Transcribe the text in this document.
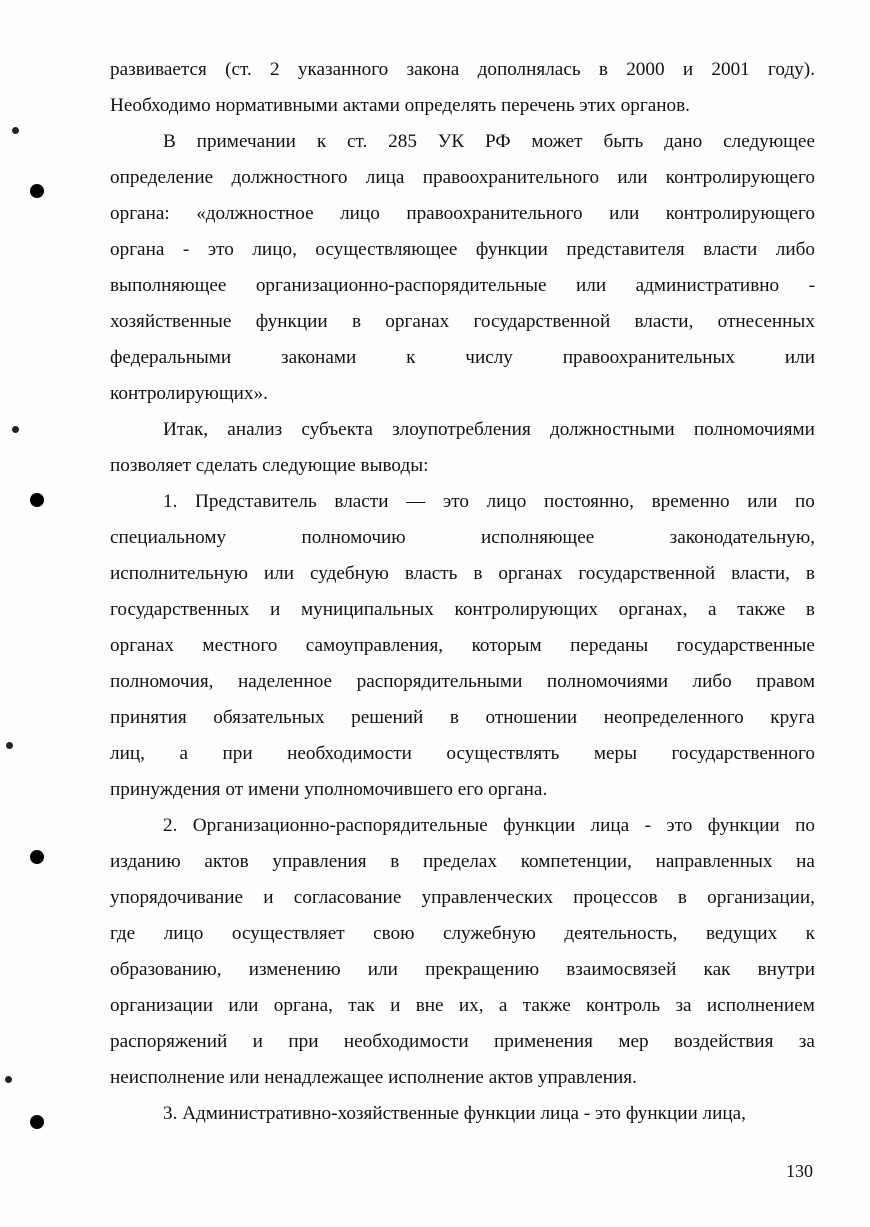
развивается (ст. 2 указанного закона дополнялась в 2000 и 2001 году).
Необходимо нормативными актами определять перечень этих органов.
В примечании к ст. 285 УК РФ может быть дано следующее
определение должностного лица правоохранительного или контролирующего
органа: «должностное лицо правоохранительного или контролирующего
органа - это лицо, осуществляющее функции представителя власти либо
выполняющее организационно-распорядительные или административно -
хозяйственные функции в органах государственной власти, отнесенных
федеральными	законами	к	числу	правоохранительных	или
контролирующих».
Итак, анализ субъекта злоупотребления должностными полномочиями
позволяет сделать следующие выводы:
1. Представитель власти — это лицо постоянно, временно или по
специальному	полномочию	исполняющее	законодательную,
исполнительную или судебную власть в органах государственной власти, в
государственных и муниципальных контролирующих органах, а также в
органах местного самоуправления, которым переданы государственные
полномочия, наделенное распорядительными полномочиями либо правом
принятия обязательных решений в отношении неопределенного круга
лиц, а при необходимости осуществлять меры государственного
принуждения от имени уполномочившего его органа.
2. Организационно-распорядительные функции лица - это функции по
изданию актов управления в пределах компетенции, направленных на
упорядочивание и согласование управленческих процессов в организации,
где лицо осуществляет свою служебную деятельность, ведущих к
образованию, изменению или прекращению взаимосвязей как внутри
организации или органа, так и вне их, а также контроль за исполнением
распоряжений и при необходимости применения мер воздействия за
неисполнение или ненадлежащее исполнение актов управления.
3. Административно-хозяйственные функции лица - это функции лица,
130
